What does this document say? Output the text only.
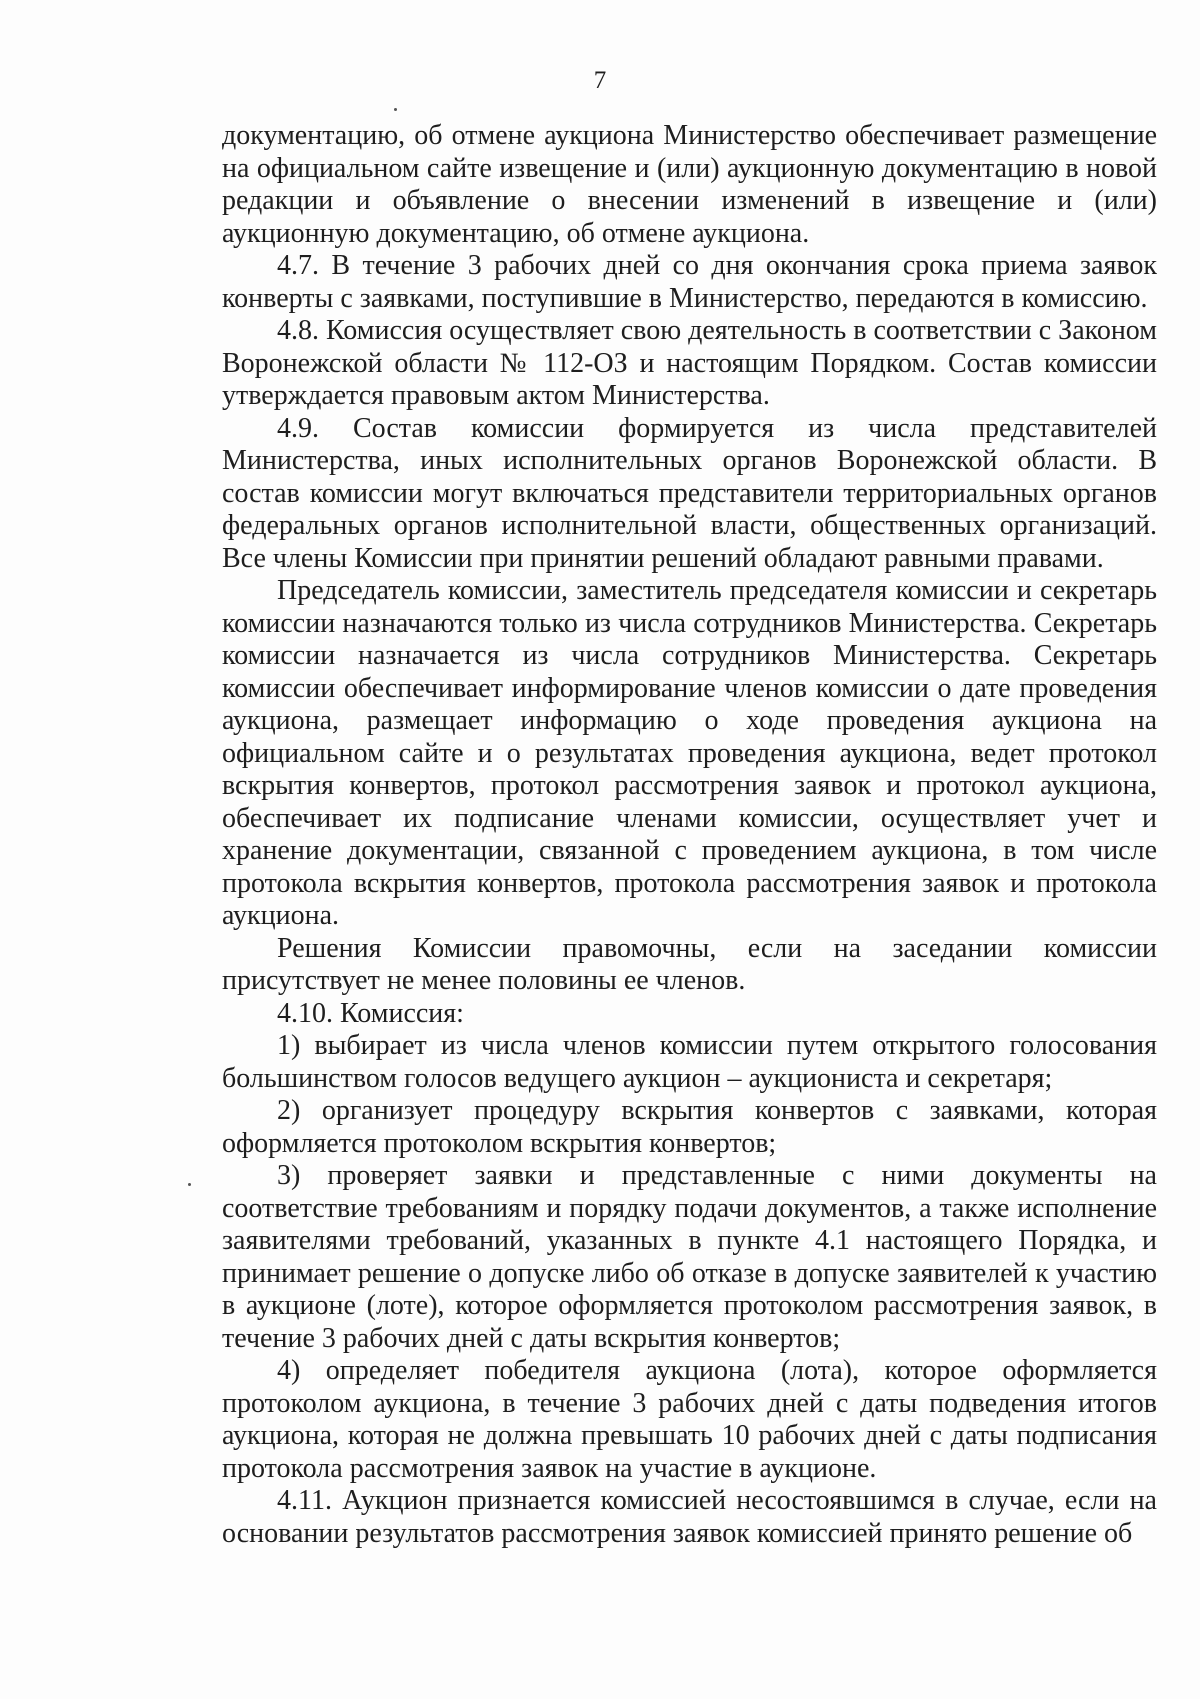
7

документацию, об отмене аукциона Министерство обеспечивает размещение на официальном сайте извещение и (или) аукционную документацию в новой редакции и объявление о внесении изменений в извещение и (или) аукционную документацию, об отмене аукциона.

4.7. В течение 3 рабочих дней со дня окончания срока приема заявок конверты с заявками, поступившие в Министерство, передаются в комиссию.

4.8. Комиссия осуществляет свою деятельность в соответствии с Законом Воронежской области № 112-ОЗ и настоящим Порядком. Состав комиссии утверждается правовым актом Министерства.

4.9. Состав комиссии формируется из числа представителей Министерства, иных исполнительных органов Воронежской области. В состав комиссии могут включаться представители территориальных органов федеральных органов исполнительной власти, общественных организаций. Все члены Комиссии при принятии решений обладают равными правами.

Председатель комиссии, заместитель председателя комиссии и секретарь комиссии назначаются только из числа сотрудников Министерства. Секретарь комиссии назначается из числа сотрудников Министерства. Секретарь комиссии обеспечивает информирование членов комиссии о дате проведения аукциона, размещает информацию о ходе проведения аукциона на официальном сайте и о результатах проведения аукциона, ведет протокол вскрытия конвертов, протокол рассмотрения заявок и протокол аукциона, обеспечивает их подписание членами комиссии, осуществляет учет и хранение документации, связанной с проведением аукциона, в том числе протокола вскрытия конвертов, протокола рассмотрения заявок и протокола аукциона.

Решения Комиссии правомочны, если на заседании комиссии присутствует не менее половины ее членов.

4.10. Комиссия:

1) выбирает из числа членов комиссии путем открытого голосования большинством голосов ведущего аукцион – аукциониста и секретаря;

2) организует процедуру вскрытия конвертов с заявками, которая оформляется протоколом вскрытия конвертов;

3) проверяет заявки и представленные с ними документы на соответствие требованиям и порядку подачи документов, а также исполнение заявителями требований, указанных в пункте 4.1 настоящего Порядка, и принимает решение о допуске либо об отказе в допуске заявителей к участию в аукционе (лоте), которое оформляется протоколом рассмотрения заявок, в течение 3 рабочих дней с даты вскрытия конвертов;

4) определяет победителя аукциона (лота), которое оформляется протоколом аукциона, в течение 3 рабочих дней с даты подведения итогов аукциона, которая не должна превышать 10 рабочих дней с даты подписания протокола рассмотрения заявок на участие в аукционе.

4.11. Аукцион признается комиссией несостоявшимся в случае, если на основании результатов рассмотрения заявок комиссией принято решение об
